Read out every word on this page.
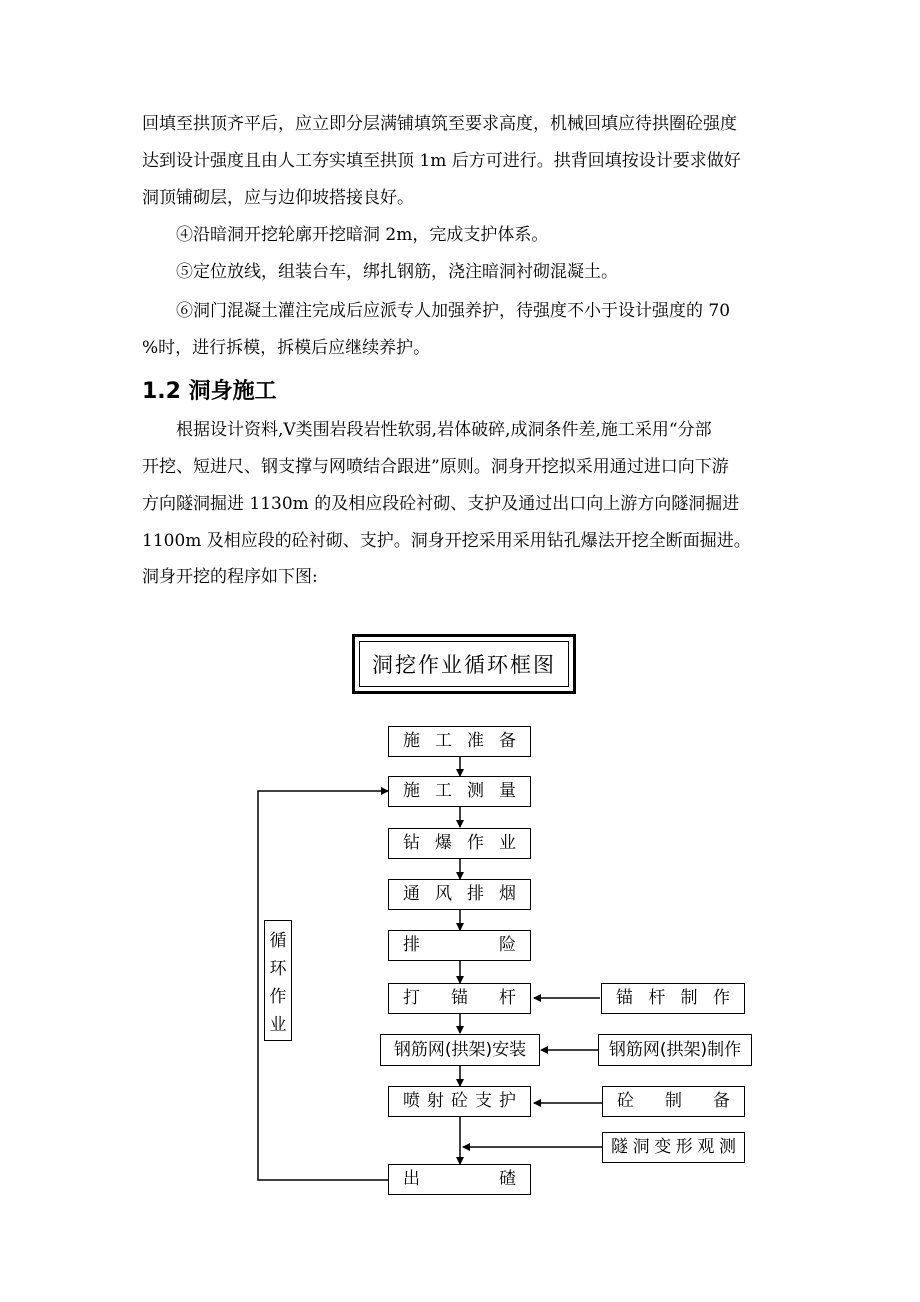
回填至拱顶齐平后，应立即分层满铺填筑至要求高度，机械回填应待拱圈砼强度

达到设计强度且由人工夯实填至拱顶 1m 后方可进行。拱背回填按设计要求做好

洞顶铺砌层，应与边仰坡搭接良好。

④沿暗洞开挖轮廓开挖暗洞 2m，完成支护体系。

⑤定位放线，组装台车，绑扎钢筋，浇注暗洞衬砌混凝土。

⑥洞门混凝土灌注完成后应派专人加强养护，待强度不小于设计强度的 70

%时，进行拆模，拆模后应继续养护。

1.2 洞身施工

根据设计资料,Ⅴ类围岩段岩性软弱,岩体破碎,成洞条件差,施工采用“分部

开挖、短进尺、钢支撑与网喷结合跟进”原则。洞身开挖拟采用通过进口向下游

方向隧洞掘进 1130m 的及相应段砼衬砌、支护及通过出口向上游方向隧洞掘进

1100m 及相应段的砼衬砌、支护。洞身开挖采用采用钻孔爆法开挖全断面掘进。

洞身开挖的程序如下图:

洞挖作业循环框图
施 工 准 备
施 工 测 量
钻 爆 作 业
通 风 排 烟
排	险
打 锚 杆
钢筋网(拱架)安装
喷 射 砼 支 护
出	碴
锚 杆 制 作
钢筋网(拱架)制作
砼 制 备
隧 洞 变 形 观 测
循
环
作
业
